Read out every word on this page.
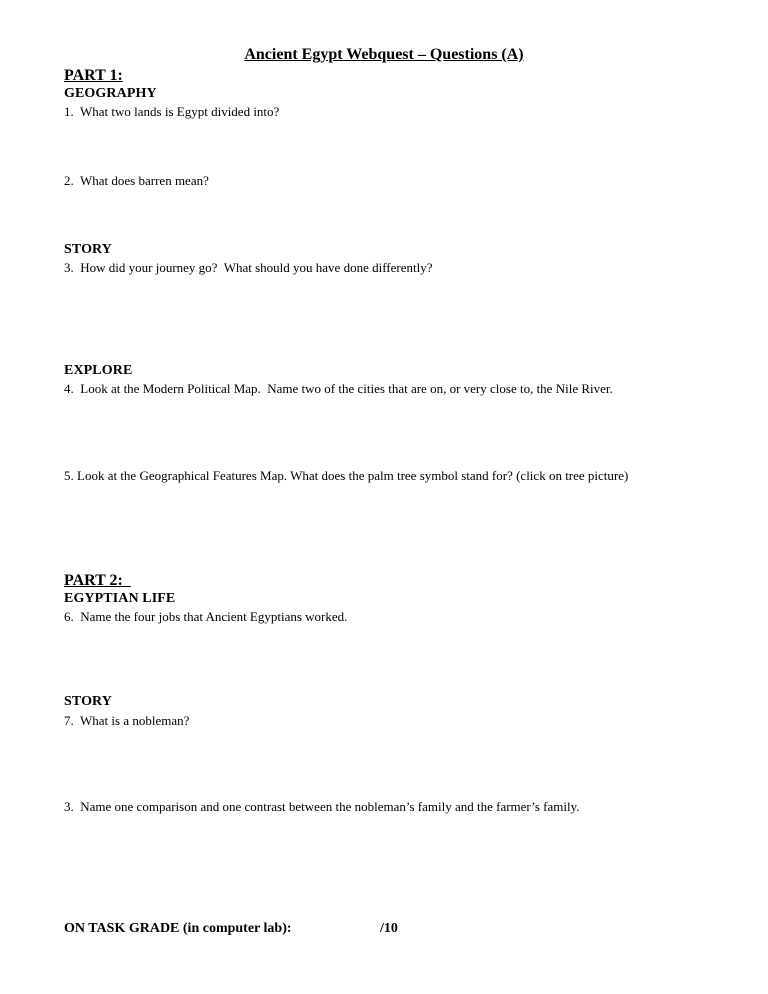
Ancient Egypt Webquest – Questions (A)
PART 1:
GEOGRAPHY
1.  What two lands is Egypt divided into?
2.  What does barren mean?
STORY
3.  How did your journey go?  What should you have done differently?
EXPLORE
4.  Look at the Modern Political Map.  Name two of the cities that are on, or very close to, the Nile River.
5. Look at the Geographical Features Map. What does the palm tree symbol stand for? (click on tree picture)
PART 2:
EGYPTIAN LIFE
6.  Name the four jobs that Ancient Egyptians worked.
STORY
7.  What is a nobleman?
3.  Name one comparison and one contrast between the nobleman’s family and the farmer’s family.
ON TASK GRADE (in computer lab):	/10
